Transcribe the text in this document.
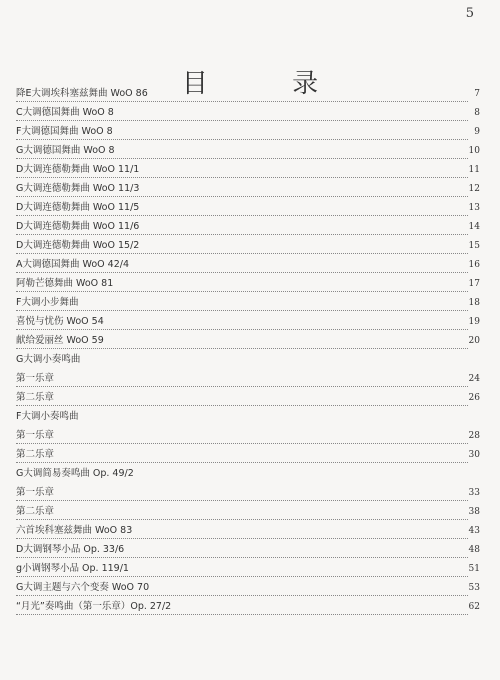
5
目 录
降E大调埃科塞兹舞曲 WoO 86	7
C大调德国舞曲 WoO 8	8
F大调德国舞曲 WoO 8	9
G大调德国舞曲 WoO 8	10
D大调连德勒舞曲 WoO 11/1	11
G大调连德勒舞曲 WoO 11/3	12
D大调连德勒舞曲 WoO 11/5	13
D大调连德勒舞曲 WoO 11/6	14
D大调连德勒舞曲 WoO 15/2	15
A大调德国舞曲 WoO 42/4	16
阿勒芒德舞曲 WoO 81	17
F大调小步舞曲	18
喜悦与忧伤 WoO 54	19
献给爱丽丝 WoO 59	20
G大调小奏鸣曲
第一乐章	24
第二乐章	26
F大调小奏鸣曲
第一乐章	28
第二乐章	30
G大调简易奏鸣曲 Op. 49/2
第一乐章	33
第二乐章	38
六首埃科塞兹舞曲 WoO 83	43
D大调钢琴小品 Op. 33/6	48
g小调钢琴小品 Op. 119/1	51
G大调主题与六个变奏 WoO 70	53
“月光”奏鸣曲（第一乐章）Op. 27/2	62
